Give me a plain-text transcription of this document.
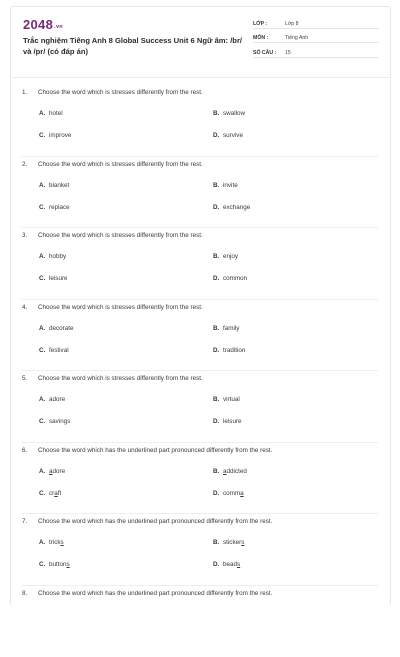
2048.vn
Trắc nghiệm Tiếng Anh 8 Global Success Unit 6 Ngữ âm: /br/ và /pr/ (có đáp án)
LỚP :	Lớp 8
MÔN :	Tiếng Anh
SỐ CÂU :	15
1. Choose the word which is stresses differently from the rest.
A. hotel	B. swallow
C. improve	D. survive
2. Choose the word which is stresses differently from the rest.
A. blanket	B. invite
C. replace	D. exchange
3. Choose the word which is stresses differently from the rest.
A. hobby	B. enjoy
C. leisure	D. common
4. Choose the word which is stresses differently from the rest.
A. decorate	B. family
C. festival	D. tradition
5. Choose the word which is stresses differently from the rest.
A. adore	B. virtual
C. savings	D. leisure
6. Choose the word which has the underlined part pronounced differently from the rest.
A. adore	B. addicted
C. craft	D. comma
7. Choose the word which has the underlined part pronounced differently from the rest.
A. tricks	B. stickers
C. buttons	D. beads
8. Choose the word which has the underlined part pronounced differently from the rest.
